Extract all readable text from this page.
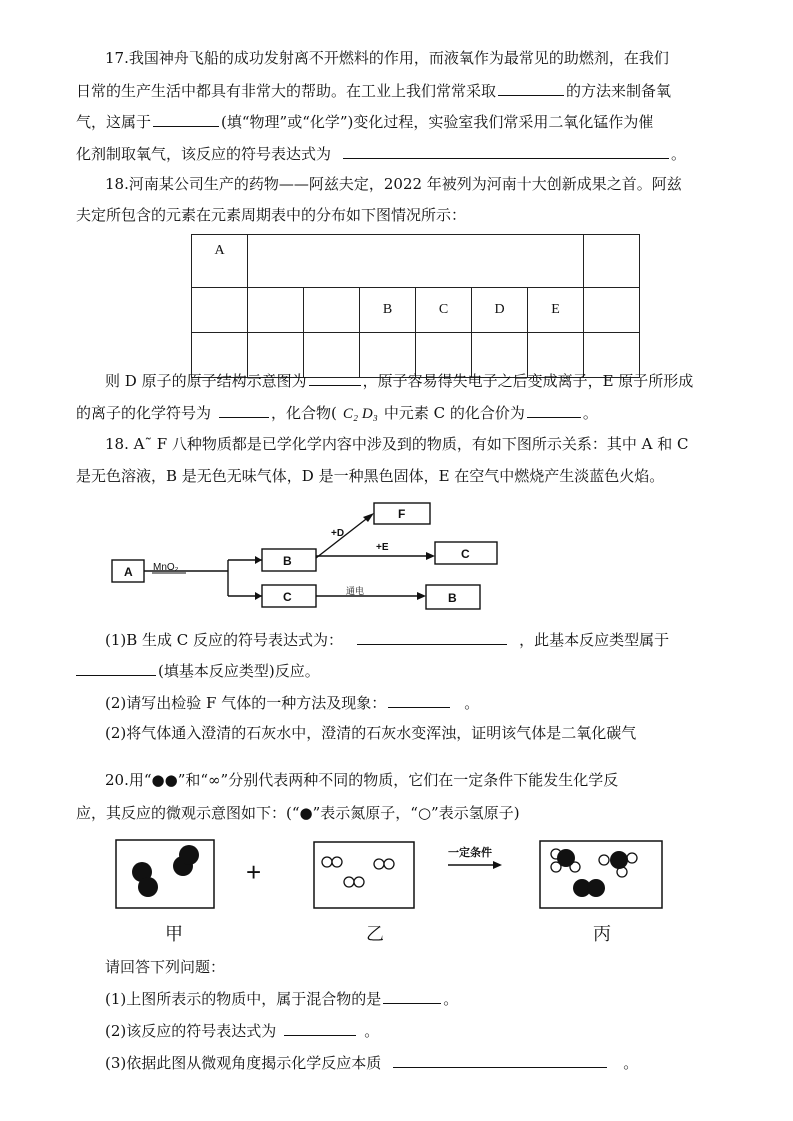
17.我国神舟飞船的成功发射离不开燃料的作用，而液氧作为最常见的助燃剂，在我们
日常的生产生活中都具有非常大的帮助。在工业上我们常常采取	的方法来制备氧
气，这属于	(填“物理”或“化学”)变化过程，实验室我们常采用二氧化锰作为催
化剂制取氧气，该反应的符号表达式为	。
18.河南某公司生产的药物——阿兹夫定，2022 年被列为河南十大创新成果之首。阿兹
夫定所包含的元素在元素周期表中的分布如下图情况所示：
A							
			B	C	D	E	

则 D 原子的原子结构示意图为	，原子容易得失电子之后变成离子，E 原子所形成
的离子的化学符号为	，化合物( C₂ D₃ 中元素 C 的化合价为	。
18. A˜ F 八种物质都是已学化学内容中涉及到的物质，有如下图所示关系：其中 A 和 C
是无色溶液，B 是无色无味气体，D 是一种黑色固体，E 在空气中燃烧产生淡蓝色火焰。
A
B
C
F
C
B
MnO₂
+D
+E
通电
(1)B 生成 C 反应的符号表达式为：	，此基本反应类型属于
(填基本反应类型)反应。
(2)请写出检验 F 气体的一种方法及现象：	。
(2)将气体通入澄清的石灰水中，澄清的石灰水变浑浊，证明该气体是二氧化碳气
20.用“●●”和“∞”分别代表两种不同的物质，它们在一定条件下能发生化学反
应，其反应的微观示意图如下：(“●”表示氮原子，“○”表示氢原子)
一定条件
+
甲	乙	丙
请回答下列问题：
(1)上图所表示的物质中，属于混合物的是	。
(2)该反应的符号表达式为	。
(3)依据此图从微观角度揭示化学反应本质	。
